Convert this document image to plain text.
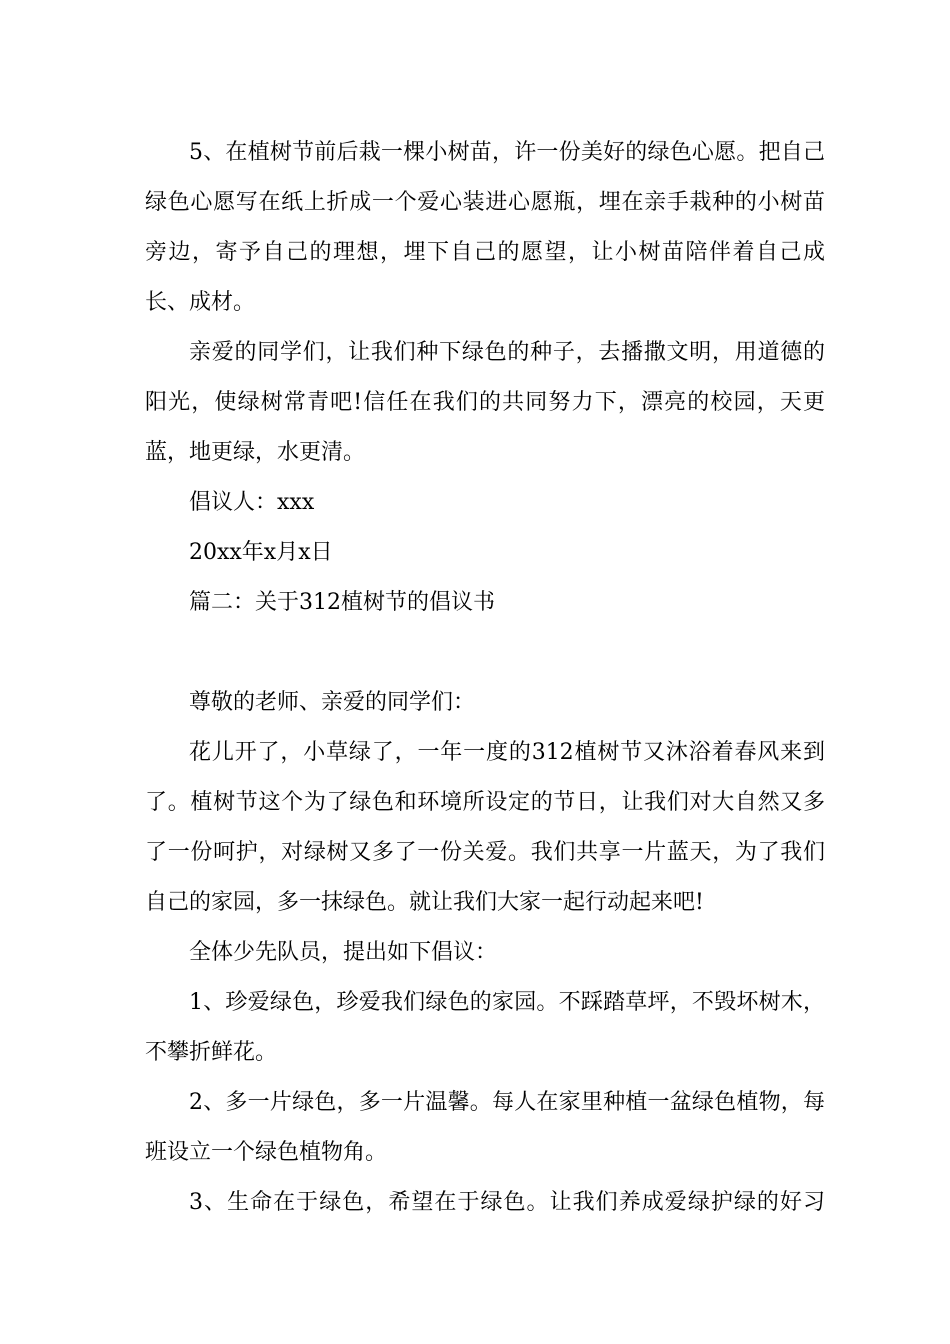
5、在植树节前后栽一棵小树苗，许一份美好的绿色心愿。把自己绿色心愿写在纸上折成一个爱心装进心愿瓶，埋在亲手栽种的小树苗旁边，寄予自己的理想，埋下自己的愿望，让小树苗陪伴着自己成长、成材。

亲爱的同学们，让我们种下绿色的种子，去播撒文明，用道德的阳光，使绿树常青吧!信任在我们的共同努力下，漂亮的校园，天更蓝，地更绿，水更清。

倡议人：xxx

20xx年x月x日

篇二：关于312植树节的倡议书

尊敬的老师、亲爱的同学们：

花儿开了，小草绿了，一年一度的312植树节又沐浴着春风来到了。植树节这个为了绿色和环境所设定的节日，让我们对大自然又多了一份呵护，对绿树又多了一份关爱。我们共享一片蓝天，为了我们自己的家园，多一抹绿色。就让我们大家一起行动起来吧!

全体少先队员，提出如下倡议：

1、珍爱绿色，珍爱我们绿色的家园。不踩踏草坪，不毁坏树木，不攀折鲜花。

2、多一片绿色，多一片温馨。每人在家里种植一盆绿色植物，每班设立一个绿色植物角。

3、生命在于绿色，希望在于绿色。让我们养成爱绿护绿的好习
